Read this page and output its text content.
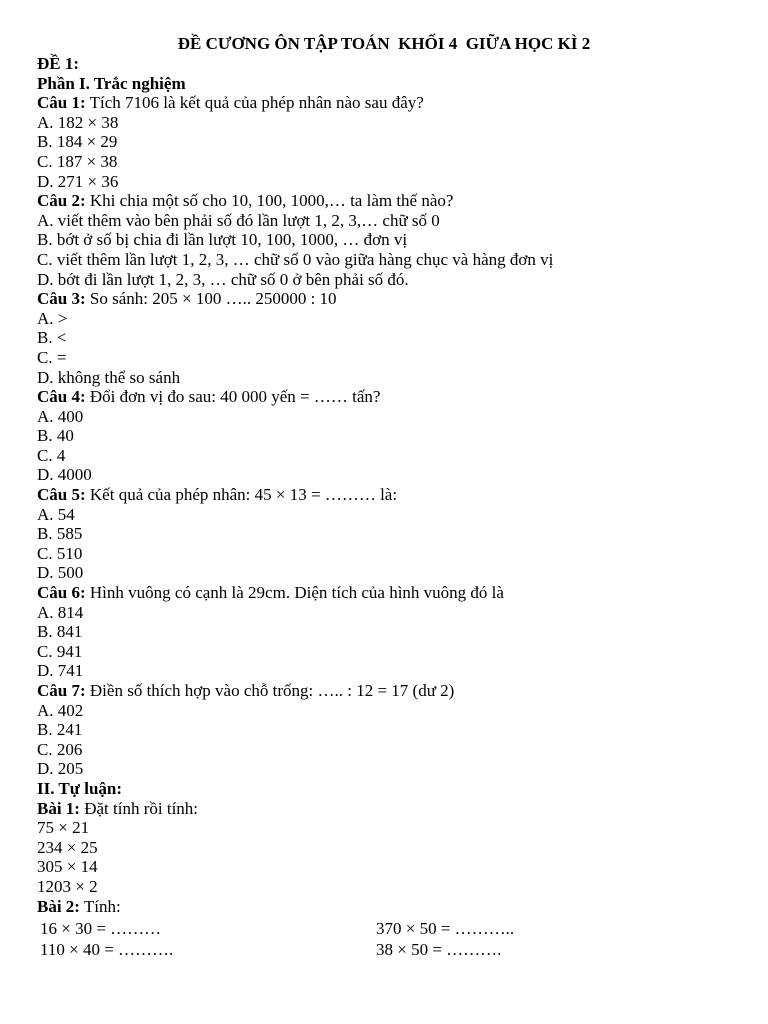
ĐỀ CƯƠNG ÔN TẬP TOÁN  KHỐI 4  GIỮA HỌC KÌ 2
ĐỀ 1:
Phần I. Trắc nghiệm
Câu 1: Tích 7106 là kết quả của phép nhân nào sau đây?
A. 182 × 38
B. 184 × 29
C. 187 × 38
D. 271 × 36
Câu 2: Khi chia một số cho 10, 100, 1000,… ta làm thế nào?
A. viết thêm vào bên phải số đó lần lượt 1, 2, 3,… chữ số 0
B. bớt ở số bị chia đi lần lượt 10, 100, 1000, … đơn vị
C. viết thêm lần lượt 1, 2, 3, … chữ số 0 vào giữa hàng chục và hàng đơn vị
D. bớt đi lần lượt 1, 2, 3, … chữ số 0 ở bên phải số đó.
Câu 3: So sánh: 205 × 100 ….. 250000 : 10
A. >
B. <
C. =
D. không thể so sánh
Câu 4: Đổi đơn vị đo sau: 40 000 yến = …… tấn?
A. 400
B. 40
C. 4
D. 4000
Câu 5: Kết quả của phép nhân: 45 × 13 = ……… là:
A. 54
B. 585
C. 510
D. 500
Câu 6: Hình vuông có cạnh là 29cm. Diện tích của hình vuông đó là
A. 814
B. 841
C. 941
D. 741
Câu 7: Điền số thích hợp vào chỗ trống: ….. : 12 = 17 (dư 2)
A. 402
B. 241
C. 206
D. 205
II. Tự luận:
Bài 1: Đặt tính rồi tính:
75 × 21
234 × 25
305 × 14
1203 × 2
Bài 2: Tính:
16 × 30 = ………	370 × 50 = ………..
110 × 40 = ……….	38 × 50 = ……….
